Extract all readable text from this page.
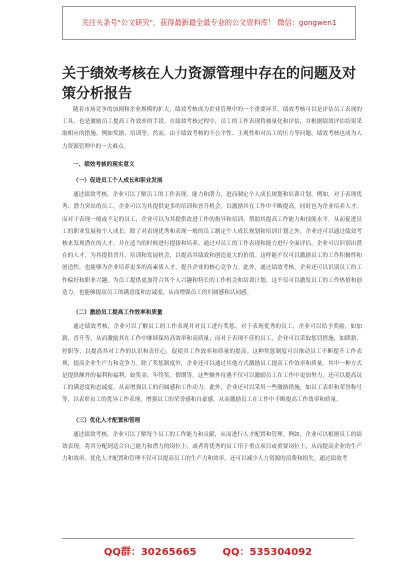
关注头条号"公文研究"，获得最新最全最专业的公文资料库！ 微信：gongwen1
关于绩效考核在人力资源管理中存在的问题及对策分析报告

随着市场竞争的加剧和企业规模的扩大，绩效考核成为企业管理中的一个重要环节。绩效考核可以是评估员工表现的工具，也是激励员工提高工作效率的手段。在绩效考核过程中，员工的工作表现将被量化和评估，并根据绩效评估结果采取相应的措施，例如奖励、培训等。然而，由于绩效考核的不公平性、主观性和对员工的压力等问题，绩效考核也成为人力资源管理中的一大难点。

一、绩效考核的现实意义

（一）促进员工个人成长和职业发展

通过绩效考核，企业可以了解员工的工作表现、能力和潜力，进而制定个人成长规划和培训计划。例如，对于表现优秀、潜力突出的员工，企业可以为其提供更多的培训和晋升机会，以激励其在工作中不断提高，同时也为企业培养人才。而对于表现一般或不足的员工，企业可以为其提供改进工作的指导和培训，帮助其提高工作能力和技能水平，从而促进员工的职业发展和个人成长。除了对表现优秀和表现一般的员工制定个人成长规划和培训计划之外，企业还可以通过绩效考核来发现潜在的人才，并在适当的时候进行提拔和培养。通过对员工的工作表现和能力进行全面评估，企业可以识别出潜在的人才，为其提供晋升、培训和发展机会，以提高其绩效和创造更大的价值。这样能不仅可以激励员工的工作积极性和创造性，也能够为企业培养更多的高素质人才，提升企业的核心竞争力。此外，通过绩效考核，企业还可以识别员工的工作偏好和职业兴趣，为员工提供更加符合其个人兴趣和特长的工作机会和培训计划，这不仅可以激发员工的工作热情和创造力，也能够提高员工的满意度和忠诚度，从而增强员工的归属感和认同感。

（二）激励员工提高工作效率和质量

通过绩效考核，企业可以了解员工的工作表现并对员工进行奖惩。对于表现优秀的员工，企业可以给予奖励，如加薪、晋升等，从而激励其在工作中继续保持高效率和高质量；而对于表现不佳的员工，企业可以采取惩罚措施，如降薪、停职等，以提高其对工作的认识和责任心，促使其工作效率和质量的提高。这种奖惩制度可以推动员工不断提升工作表现，提高企业生产力和竞争力。除了奖惩制度外，企业还可以通过其他方式激励员工提高工作效率和质量。其中一种方式是提供额外的福利和福利，如奖金、年终奖、假期等，这些额外待遇不仅可以激励员工在工作中更加努力，还可以提高员工的满意度和忠诚度，从而增强员工的归属感和工作动力。此外，企业还可以采用一些激励措施，如员工表彰和荣誉称号等，以表彰员工的优异工作表现，增强员工的荣誉感和自豪感，从而激励员工在工作中不断提高工作效率和质量。

（三）优化人才配置和管理

通过绩效考核，企业可以了解每个员工的工作能力和贡献，从而进行人才配置和管理。例如，企业可以根据员工的绩效表现，将其分配到适合自己能力和潜力的岗位上，或者将优秀的员工用于重点项目或重要岗位上，从而提高企业的生产力和效率。优化人才配置和管理不仅可以提高员工的生产力和效率，还可以减少人力资源的浪费和损失。通过绩效考

QQ群：30265665	QQ：535304092
